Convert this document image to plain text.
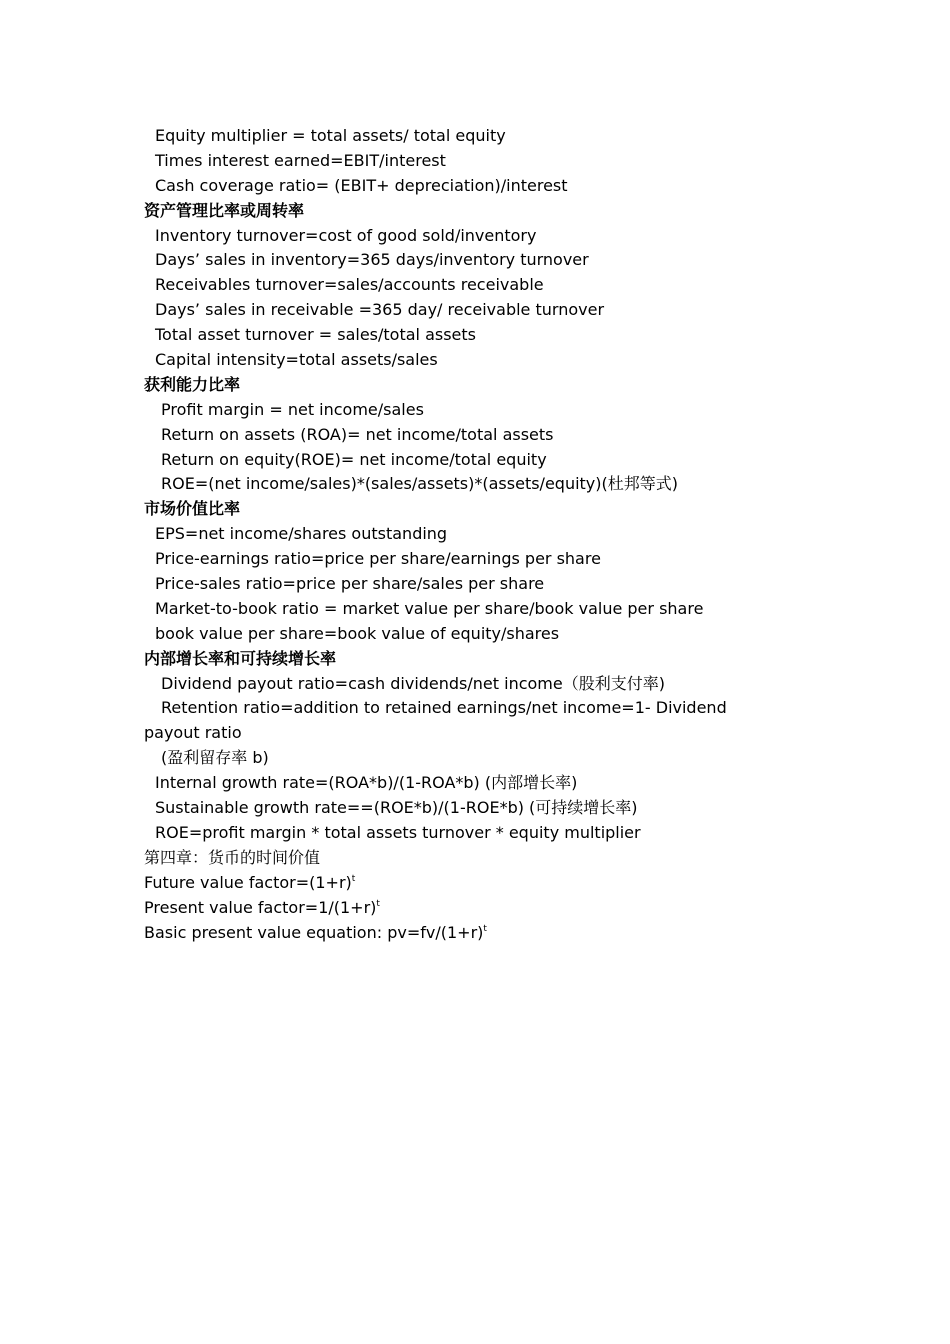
Equity multiplier = total assets/ total equity
Times interest earned=EBIT/interest
Cash coverage ratio= (EBIT+ depreciation)/interest
资产管理比率或周转率
Inventory turnover=cost of good sold/inventory
Days’ sales in inventory=365 days/inventory turnover
Receivables turnover=sales/accounts receivable
Days’ sales in receivable =365 day/ receivable turnover
Total asset turnover = sales/total assets
Capital intensity=total assets/sales
获利能力比率
Profit margin = net income/sales
Return on assets (ROA)= net income/total assets
Return on equity(ROE)= net income/total equity
ROE=(net income/sales)*(sales/assets)*(assets/equity)(杜邦等式)
市场价值比率
EPS=net income/shares outstanding
Price-earnings ratio=price per share/earnings per share
Price-sales ratio=price per share/sales per share
Market-to-book ratio = market value per share/book value per share
book value per share=book value of equity/shares
内部增长率和可持续增长率
Dividend payout ratio=cash dividends/net income（股利支付率)
Retention ratio=addition to retained earnings/net income=1- Dividend
payout ratio
(盈利留存率 b)
Internal growth rate=(ROA*b)/(1-ROA*b) (内部增长率)
Sustainable growth rate==(ROE*b)/(1-ROE*b) (可持续增长率)
ROE=profit margin * total assets turnover * equity multiplier
第四章：货币的时间价值
Future value $factor=(1+r)^t$
Present value $factor=1/(1+r)^t$
Basic present value equation: $pv=fv/(1+r)^t$
